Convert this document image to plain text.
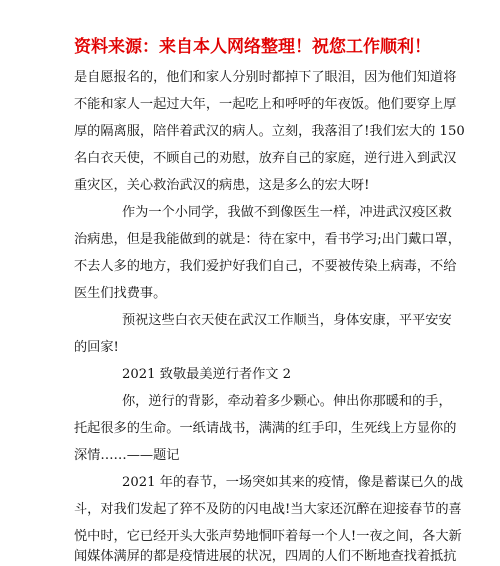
资料来源：来自本人网络整理！祝您工作顺利！
是自愿报名的，他们和家人分别时都掉下了眼泪，因为他们知道将
不能和家人一起过大年，一起吃上和呼呼的年夜饭。他们要穿上厚
厚的隔离服，陪伴着武汉的病人。立刻，我落泪了!我们宏大的 150
名白衣天使，不顾自己的劝慰，放弃自己的家庭，逆行进入到武汉
重灾区，关心救治武汉的病患，这是多么的宏大呀!
作为一个小同学，我做不到像医生一样，冲进武汉疫区救
治病患，但是我能做到的就是：待在家中，看书学习;出门戴口罩，
不去人多的地方，我们爱护好我们自己，不要被传染上病毒，不给
医生们找费事。
预祝这些白衣天使在武汉工作顺当，身体安康，平平安安
的回家!
2021 致敬最美逆行者作文 2
你，逆行的背影，牵动着多少颗心。伸出你那暖和的手，
托起很多的生命。一纸请战书，满满的红手印，生死线上方显你的
深情……——题记
2021 年的春节，一场突如其来的疫情，像是蓄谋已久的战
斗，对我们发起了猝不及防的闪电战!当大家还沉醉在迎接春节的喜
悦中时，它已经开头大张声势地恫吓着每一个人!一夜之间，各大新
闻媒体满屏的都是疫情进展的状况，四周的人们不断地查找着抵抗
